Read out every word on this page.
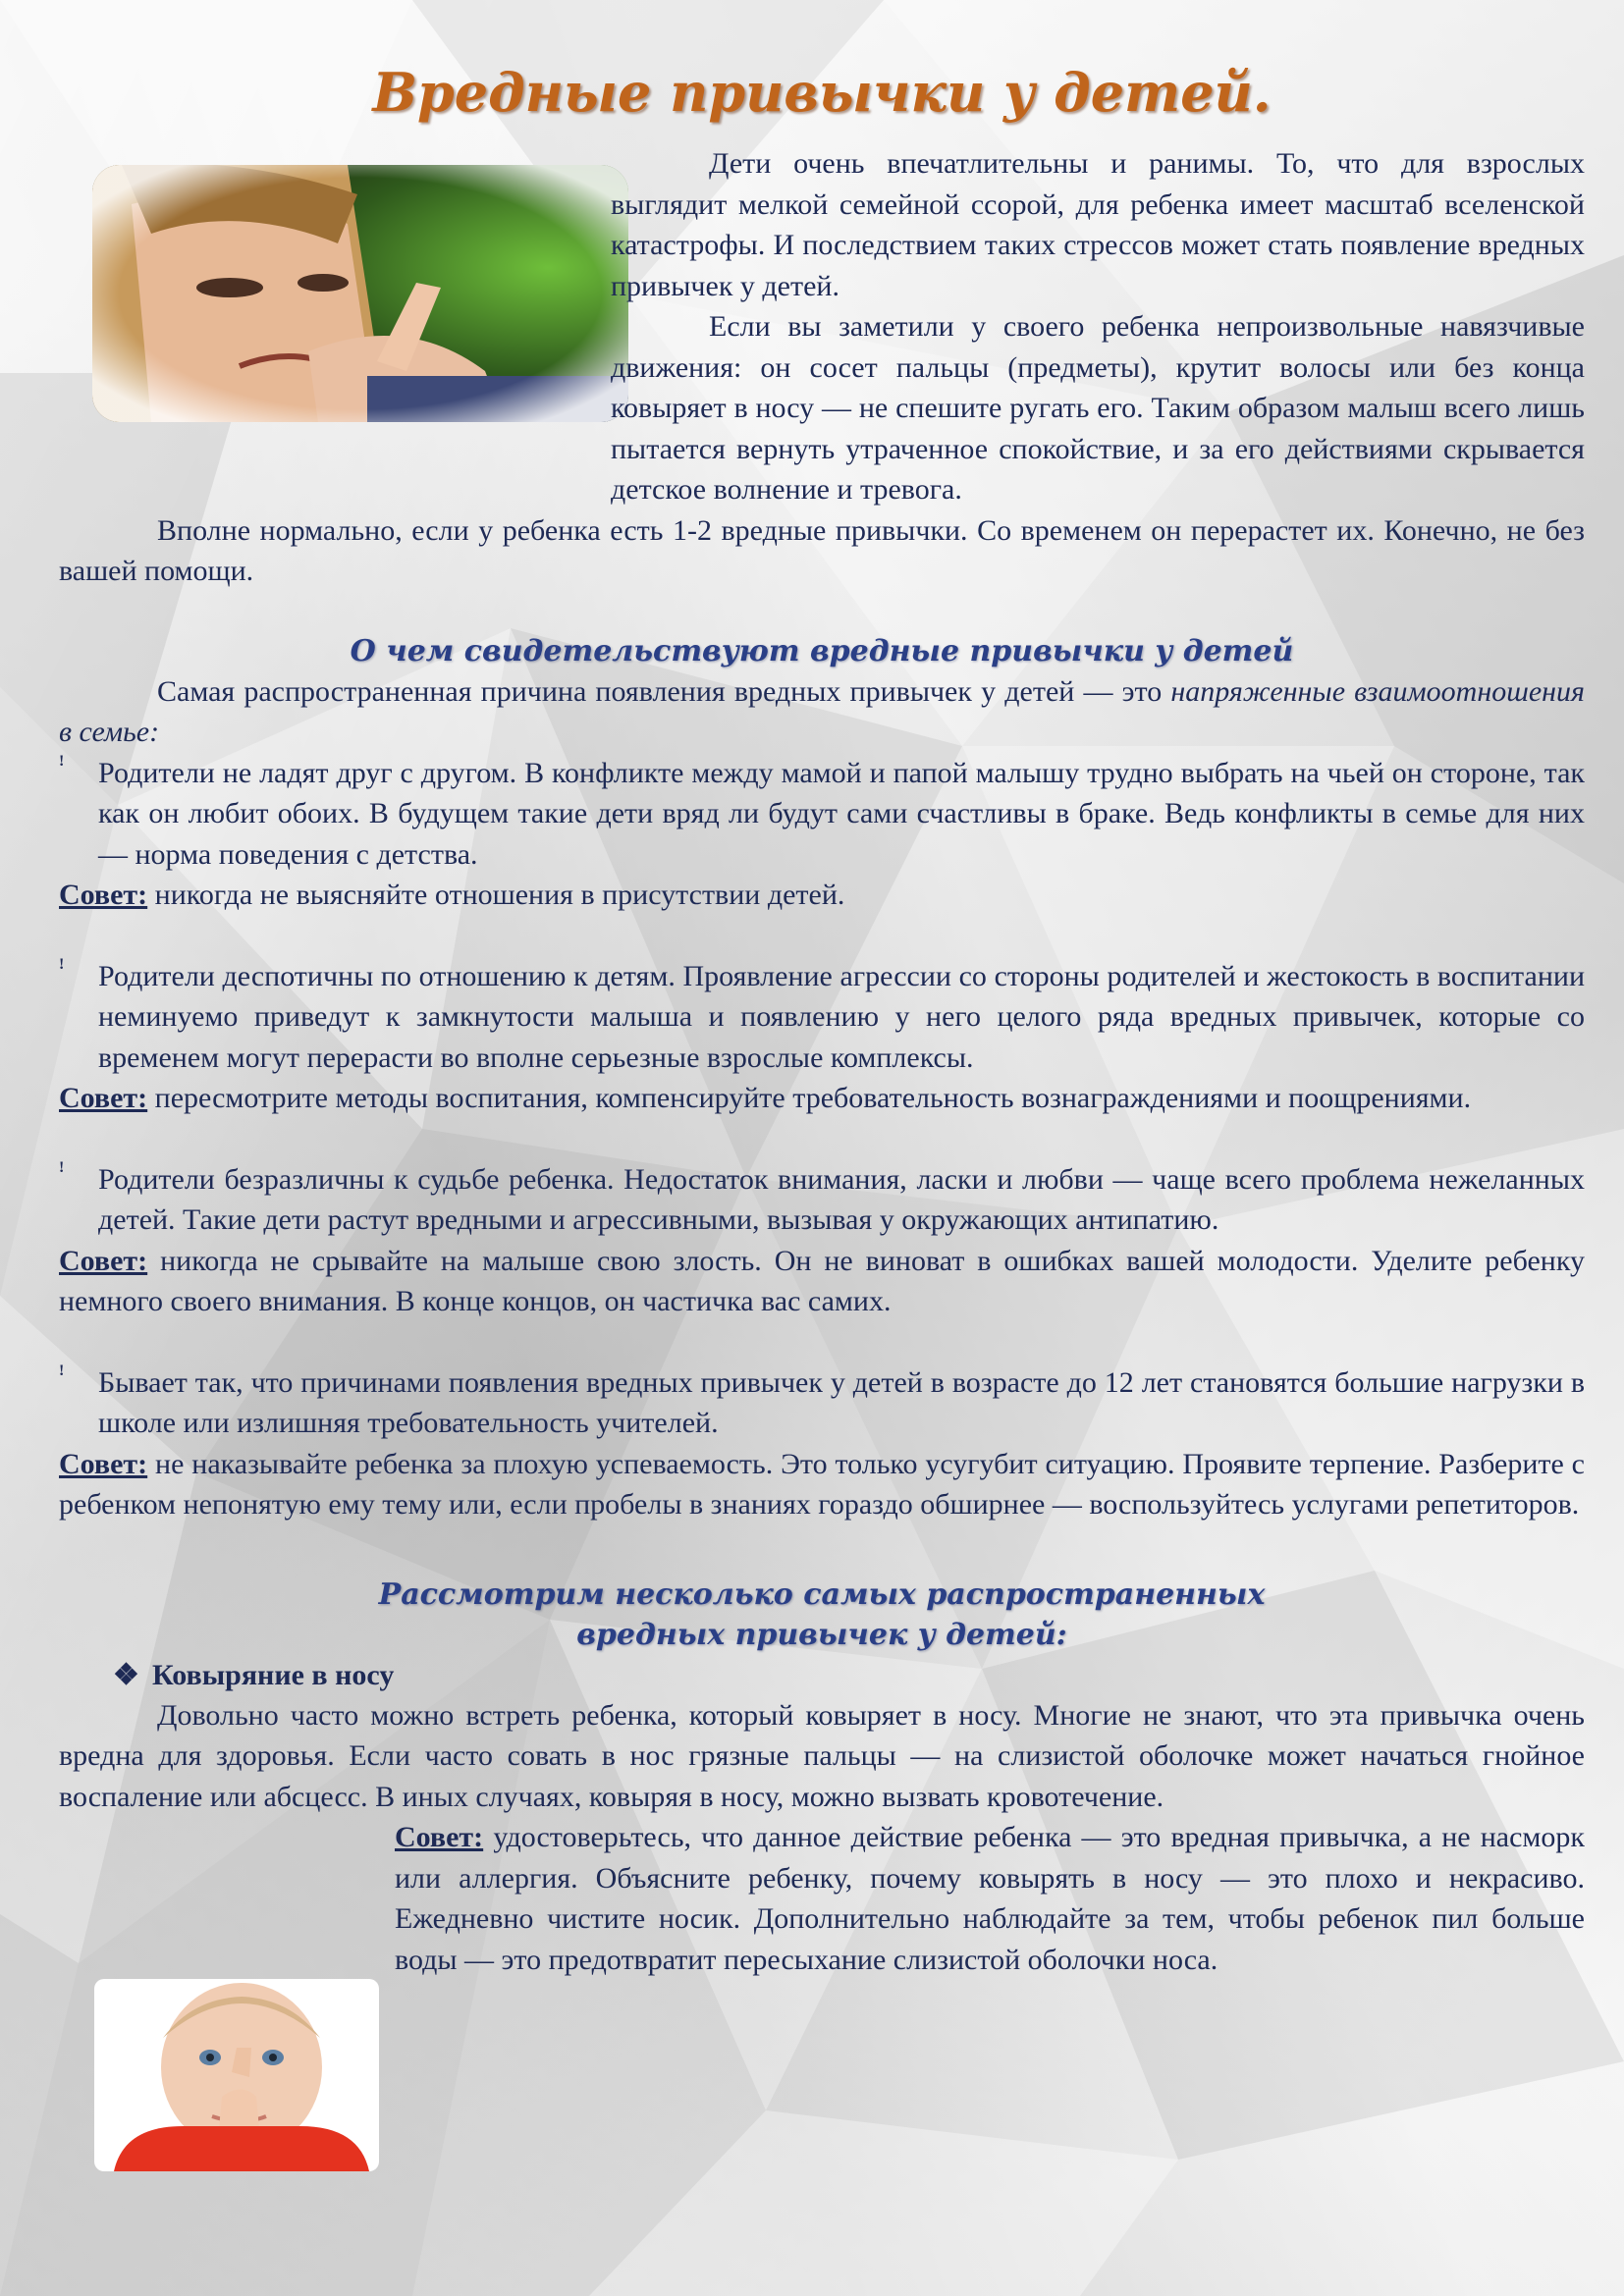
Вредные привычки у детей.

Дети очень впечатлительны и ранимы. То, что для взрослых выглядит мелкой семейной ссорой, для ребенка имеет масштаб вселенской катастрофы. И последствием таких стрессов может стать появление вредных привычек у детей.

Если вы заметили у своего ребенка непроизвольные навязчивые движения: он сосет пальцы (предметы), крутит волосы или без конца ковыряет в носу — не спешите ругать его. Таким образом малыш всего лишь пытается вернуть утраченное спокойствие, и за его действиями скрывается детское волнение и тревога.

Вполне нормально, если у ребенка есть 1-2 вредные привычки. Со временем он перерастет их. Конечно, не без вашей помощи.

О чем свидетельствуют вредные привычки у детей

Самая распространенная причина появления вредных привычек у детей — это напряженные взаимоотношения в семье:

! Родители не ладят друг с другом. В конфликте между мамой и папой малышу трудно выбрать на чьей он стороне, так как он любит обоих. В будущем такие дети вряд ли будут сами счастливы в браке. Ведь конфликты в семье для них — норма поведения с детства.

Совет: никогда не выясняйте отношения в присутствии детей.

! Родители деспотичны по отношению к детям. Проявление агрессии со стороны родителей и жестокость в воспитании неминуемо приведут к замкнутости малыша и появлению у него целого ряда вредных привычек, которые со временем могут перерасти во вполне серьезные взрослые комплексы.

Совет: пересмотрите методы воспитания, компенсируйте требовательность вознаграждениями и поощрениями.

! Родители безразличны к судьбе ребенка. Недостаток внимания, ласки и любви — чаще всего проблема нежеланных детей. Такие дети растут вредными и агрессивными, вызывая у окружающих антипатию.

Совет: никогда не срывайте на малыше свою злость. Он не виноват в ошибках вашей молодости. Уделите ребенку немного своего внимания. В конце концов, он частичка вас самих.

! Бывает так, что причинами появления вредных привычек у детей в возрасте до 12 лет становятся большие нагрузки в школе или излишняя требовательность учителей.

Совет: не наказывайте ребенка за плохую успеваемость. Это только усугубит ситуацию. Проявите терпение. Разберите с ребенком непонятую ему тему или, если пробелы в знаниях гораздо обширнее — воспользуйтесь услугами репетиторов.

Рассмотрим несколько самых распространенных

вредных привычек у детей:

❖ Ковыряние в носу

Довольно часто можно встреть ребенка, который ковыряет в носу. Многие не знают, что эта привычка очень вредна для здоровья. Если часто совать в нос грязные пальцы — на слизистой оболочке может начаться гнойное воспаление или абсцесс. В иных случаях, ковыряя в носу, можно вызвать кровотечение.

Совет: удостоверьтесь, что данное действие ребенка — это вредная привычка, а не насморк или аллергия. Объясните ребенку, почему ковырять в носу — это плохо и некрасиво. Ежедневно чистите носик. Дополнительно наблюдайте за тем, чтобы ребенок пил больше воды — это предотвратит пересыхание слизистой оболочки носа.
